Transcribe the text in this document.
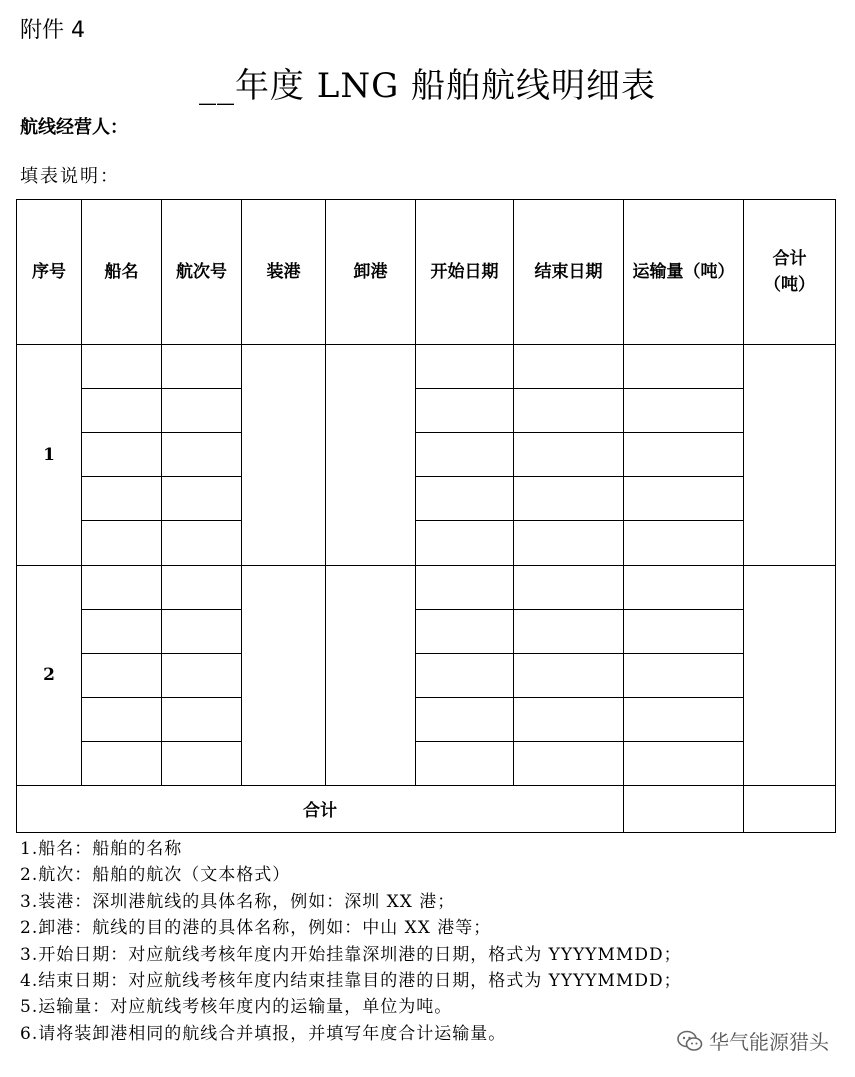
附件 4
__年度 LNG 船舶航线明细表
航线经营人：
填表说明：
序号	船名	航次号	装港	卸港	开始日期	结束日期	运输量（吨）	合计
（吨）
1								

2								

合计								
1.船名：船舶的名称
2.航次：船舶的航次（文本格式）
3.装港：深圳港航线的具体名称，例如：深圳 XX 港；
2.卸港：航线的目的港的具体名称，例如：中山 XX 港等；
3.开始日期：对应航线考核年度内开始挂靠深圳港的日期，格式为 YYYYMMDD；
4.结束日期：对应航线考核年度内结束挂靠目的港的日期，格式为 YYYYMMDD；
5.运输量：对应航线考核年度内的运输量，单位为吨。
6.请将装卸港相同的航线合并填报，并填写年度合计运输量。	华气能源猎头
